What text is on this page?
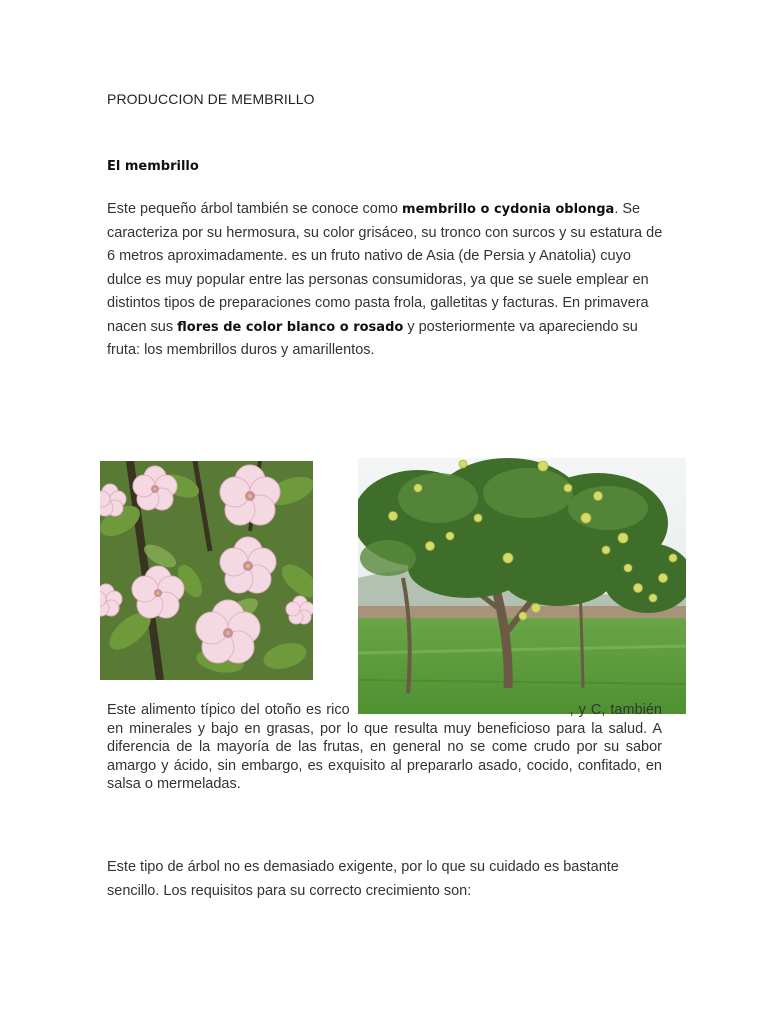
PRODUCCION DE MEMBRILLO
El membrillo
Este pequeño árbol también se conoce como membrillo o cydonia oblonga. Se caracteriza por su hermosura, su color grisáceo, su tronco con surcos y su estatura de 6 metros aproximadamente. es un fruto nativo de Asia (de Persia y Anatolia) cuyo dulce es muy popular entre las personas consumidoras, ya que se suele emplear en distintos tipos de preparaciones como pasta frola, galletitas y facturas. En primavera nacen sus flores de color blanco o rosado y posteriormente va apareciendo su fruta: los membrillos duros y amarillentos.
Este alimento típico del otoño es rico	, y C, también en minerales y bajo en grasas, por lo que resulta muy beneficioso para la salud. A diferencia de la mayoría de las frutas, en general no se come crudo por su sabor amargo y ácido, sin embargo, es exquisito al prepararlo asado, cocido, confitado, en salsa o mermeladas.
Este tipo de árbol no es demasiado exigente, por lo que su cuidado es bastante sencillo. Los requisitos para su correcto crecimiento son:
